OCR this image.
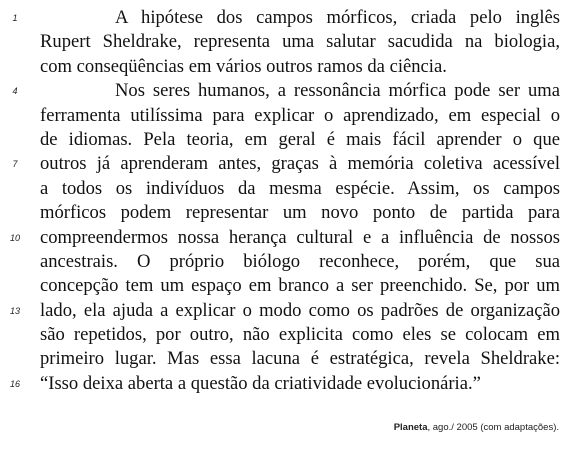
1	A hipótese dos campos mórficos, criada pelo inglês
Rupert Sheldrake, representa uma salutar sacudida na biologia,
com conseqüências em vários outros ramos da ciência.
4	Nos seres humanos, a ressonância mórfica pode ser uma
ferramenta utilíssima para explicar o aprendizado, em especial o
de idiomas. Pela teoria, em geral é mais fácil aprender o que
7 outros já aprenderam antes, graças à memória coletiva acessível
a todos os indivíduos da mesma espécie. Assim, os campos
mórficos podem representar um novo ponto de partida para
10 compreendermos nossa herança cultural e a influência de nossos
ancestrais. O próprio biólogo reconhece, porém, que sua
concepção tem um espaço em branco a ser preenchido. Se, por um
13 lado, ela ajuda a explicar o modo como os padrões de organização
são repetidos, por outro, não explicita como eles se colocam em
primeiro lugar. Mas essa lacuna é estratégica, revela Sheldrake:
16 “Isso deixa aberta a questão da criatividade evolucionária.”
Planeta, ago./ 2005 (com adaptações).
